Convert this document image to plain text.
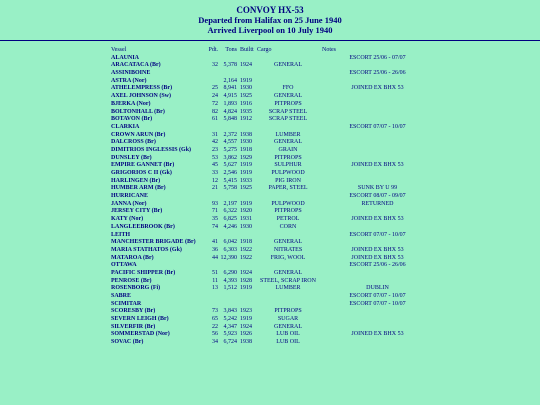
CONVOY HX-53
Departed from Halifax on 25 June 1940
Arrived Liverpool on 10 July 1940
Vessel	Pdt.	Tons Builtt Cargo	Notes
ALAUNIA	ESCORT 25/06 - 07/07
ARACATACA (Br)	32 5,378 1924	GENERAL
ASSINIBOINE	ESCORT 25/06 - 26/06
ASTRA (Nor)	2,164 1919
ATHELEMPRESS (Br)	25 8,941 1930	FFO	JOINED EX BHX 53
AXEL JOHNSON (Sw)	24 4,915 1925	GENERAL
BJERKA (Nor)	72 1,893 1916	PITPROPS
BOLTONHALL (Br)	82 4,824 1935	SCRAP STEEL
BOTAVON (Br)	61 5,848 1912	SCRAP STEEL
CLARKIA	ESCORT 07/07 - 10/07
CROWN ARUN (Br)	31 2,372 1938	LUMBER
DALCROSS (Br)	42 4,557 1930	GENERAL
DIMITRIOS INGLESSIS (Gk)	23 5,275 1918	GRAIN
DUNSLEY (Br)	53 3,862 1929	PITPROPS
EMPIRE GANNET (Br)	45 5,627 1919	SULPHUR	JOINED EX BHX 53
GRIGORIOS C II (Gk)	33 2,546 1919	PULPWOOD
HARLINGEN (Br)	12 5,415 1933	PIG IRON
HUMBER ARM (Br)	21 5,758 1925	PAPER, STEEL	SUNK BY U 99
HURRICANE	ESCORT 08/07 - 09/07
JANNA (Nor)	93 2,197 1919	PULPWOOD	RETURNED
JERSEY CITY (Br)	71 6,322 1920	PITPROPS
KATY (Nor)	35 6,825 1931	PETROL	JOINED EX BHX 53
LANGLEEBROOK (Br)	74 4,246 1930	CORN
LEITH	ESCORT 07/07 - 10/07
MANCHESTER BRIGADE (Br)	41 6,042 1918	GENERAL
MARIA STATHATOS (Gk)	36 6,303 1922	NITRATES	JOINED EX BHX 53
MATAROA (Br)	44 12,390 1922	FRIG, WOOL	JOINED EX BHX 53
OTTAWA	ESCORT 25/06 - 26/06
PACIFIC SHIPPER (Br)	51 6,290 1924	GENERAL
PENROSE (Br)	11 4,393 1928	STEEL, SCRAP IRON
ROSENBORG (Fi)	13 1,512 1919	LUMBER	DUBLIN
SABRE	ESCORT 07/07 - 10/07
SCIMITAR	ESCORT 07/07 - 10/07
SCORESBY (Br)	73 3,843 1923	PITPROPS
SEVERN LEIGH (Br)	65 5,242 1919	SUGAR
SILVERFIR (Br)	22 4,347 1924	GENERAL
SOMMERSTAD (Nor)	56 5,923 1926	LUB OIL	JOINED EX BHX 53
SOVAC (Br)	34 6,724 1938	LUB OIL
